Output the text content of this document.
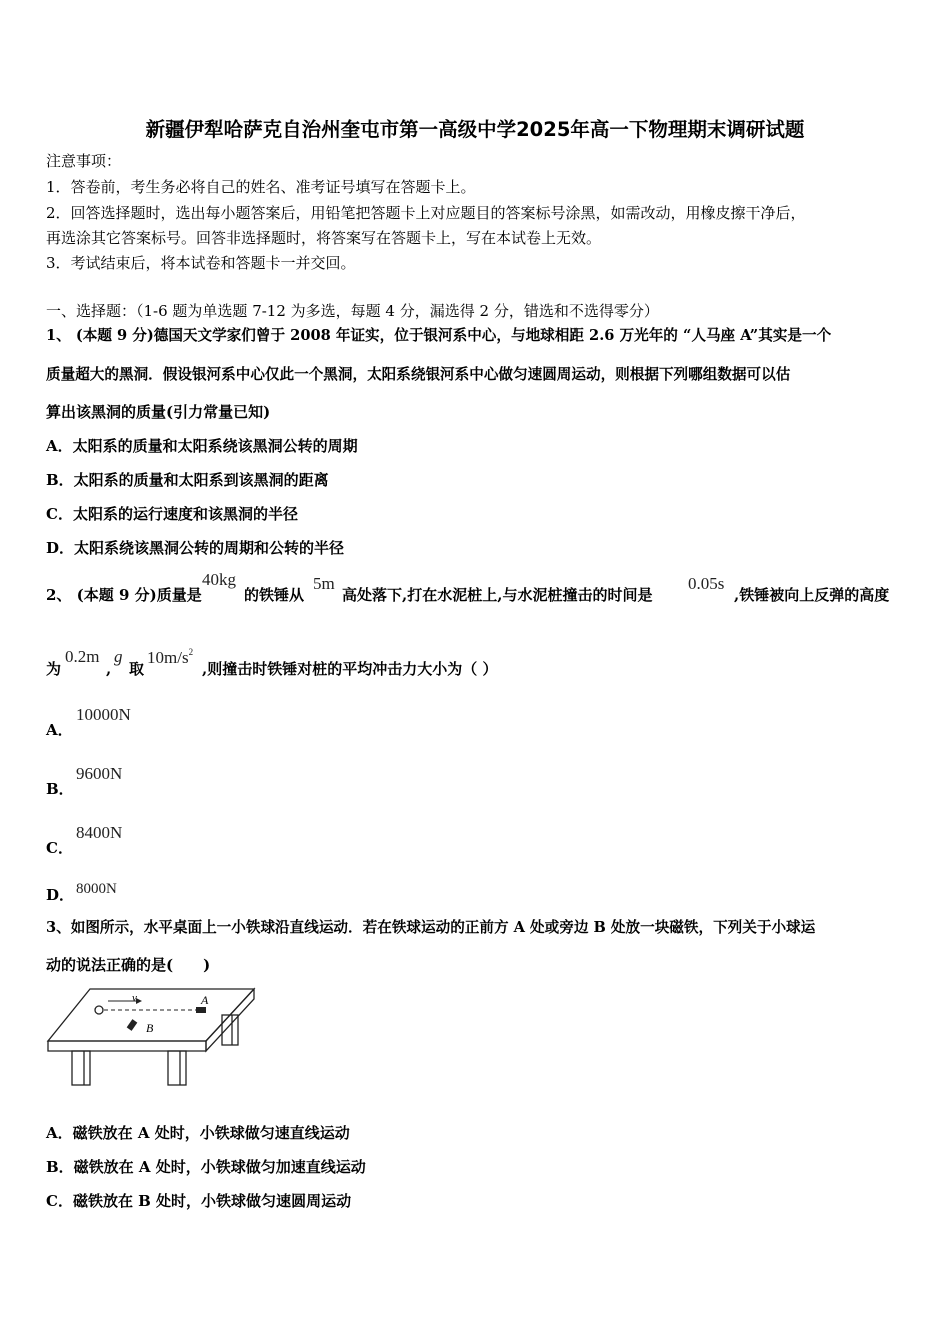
新疆伊犁哈萨克自治州奎屯市第一高级中学2025年高一下物理期末调研试题
注意事项：
1．答卷前，考生务必将自己的姓名、准考证号填写在答题卡上。
2．回答选择题时，选出每小题答案后，用铅笔把答题卡上对应题目的答案标号涂黑，如需改动，用橡皮擦干净后，
再选涂其它答案标号。回答非选择题时，将答案写在答题卡上，写在本试卷上无效。
3．考试结束后，将本试卷和答题卡一并交回。
一、选择题：（1-6 题为单选题 7-12 为多选，每题 4 分，漏选得 2 分，错选和不选得零分）
1、 (本题 9 分)德国天文学家们曾于 2008 年证实，位于银河系中心，与地球相距 2.6 万光年的 “人马座 A”其实是一个
质量超大的黑洞．假设银河系中心仅此一个黑洞，太阳系绕银河系中心做匀速圆周运动，则根据下列哪组数据可以估
算出该黑洞的质量(引力常量已知)
A．太阳系的质量和太阳系绕该黑洞公转的周期
B．太阳系的质量和太阳系到该黑洞的距离
C．太阳系的运行速度和该黑洞的半径
D．太阳系绕该黑洞公转的周期和公转的半径
2、 (本题 9 分)质量是
40kg
的铁锤从
5m
高处落下,打在水泥桩上,与水泥桩撞击的时间是
0.05s
,铁锤被向上反弹的高度
为
0.2m
,
g
取
$10m/s^2$
,则撞击时铁锤对桩的平均冲击力大小为（ ）
A．
10000N
B．
9600N
C．
8400N
D． 8000N
3、如图所示，水平桌面上一小铁球沿直线运动．若在铁球运动的正前方 A 处或旁边 B 处放一块磁铁，下列关于小球运
动的说法正确的是(　　)
v	A
B
A．磁铁放在 A 处时，小铁球做匀速直线运动
B．磁铁放在 A 处时，小铁球做匀加速直线运动
C．磁铁放在 B 处时，小铁球做匀速圆周运动
